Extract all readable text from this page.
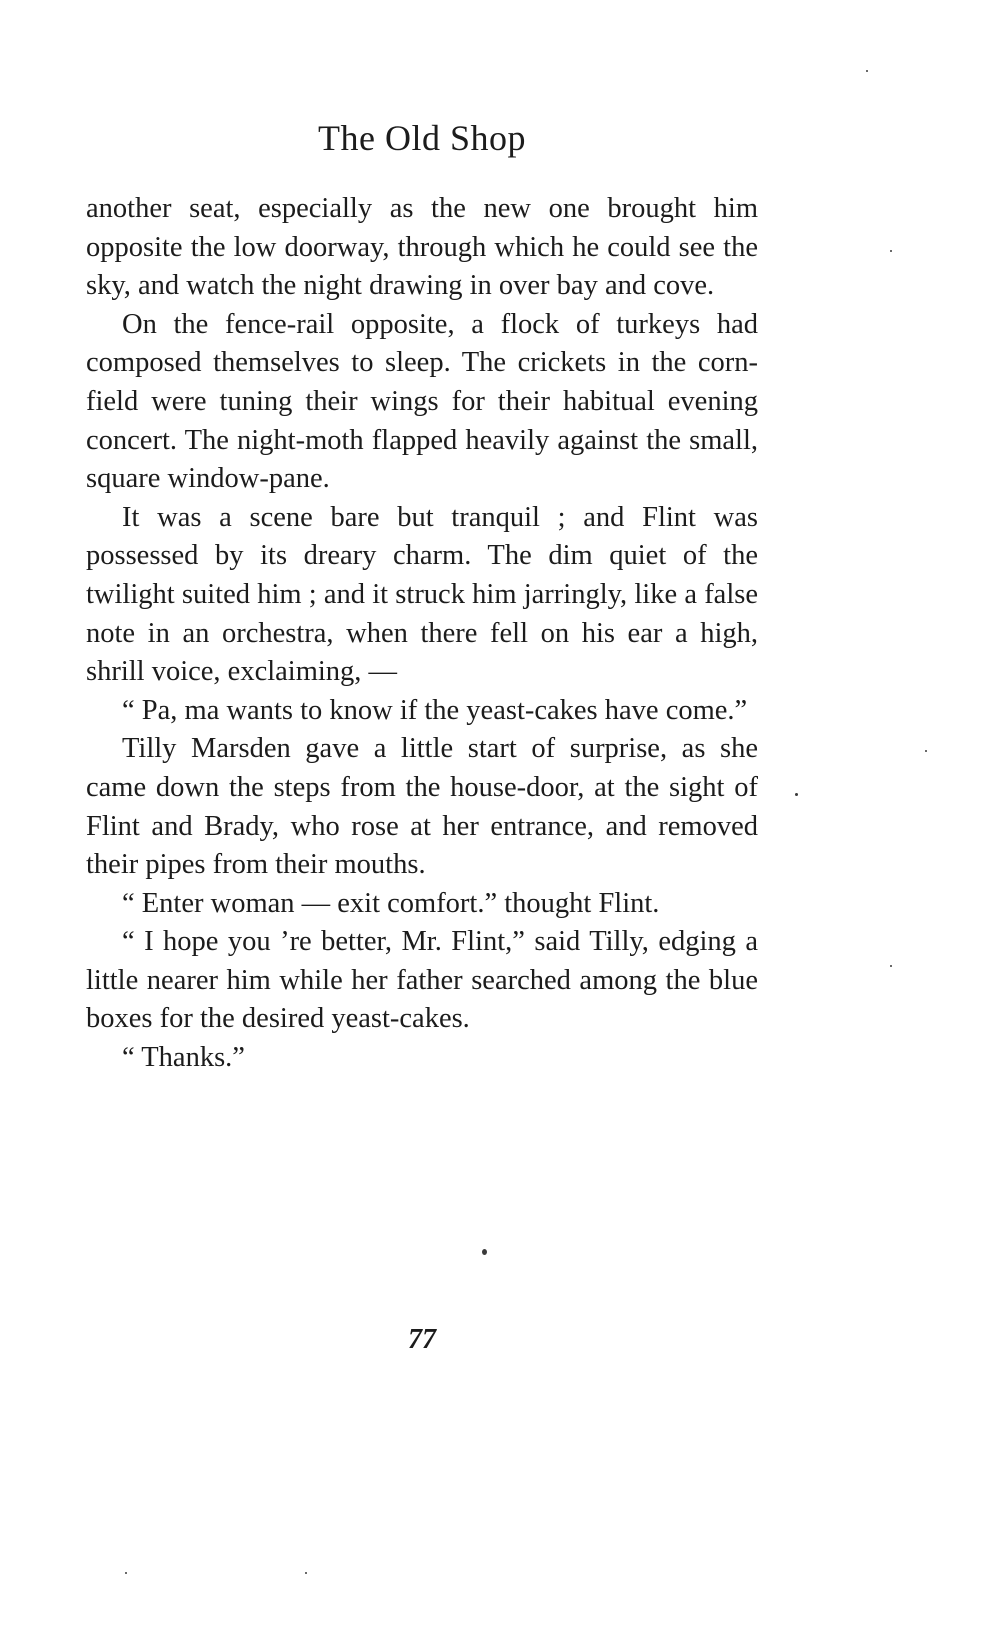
The Old Shop

another seat, especially as the new one brought him opposite the low doorway, through which he could see the sky, and watch the night drawing in over bay and cove.

On the fence-rail opposite, a flock of turkeys had composed themselves to sleep. The crickets in the corn-field were tuning their wings for their habitual evening concert. The night-moth flapped heavily against the small, square window-pane.

It was a scene bare but tranquil ; and Flint was possessed by its dreary charm. The dim quiet of the twilight suited him ; and it struck him jarringly, like a false note in an orchestra, when there fell on his ear a high, shrill voice, exclaiming, —

“ Pa, ma wants to know if the yeast-cakes have come.”

Tilly Marsden gave a little start of surprise, as she came down the steps from the house-door, at the sight of Flint and Brady, who rose at her entrance, and removed their pipes from their mouths.

“ Enter woman — exit comfort.” thought Flint.

“ I hope you ’re better, Mr. Flint,” said Tilly, edging a little nearer him while her father searched among the blue boxes for the desired yeast-cakes.

“ Thanks.”

77
